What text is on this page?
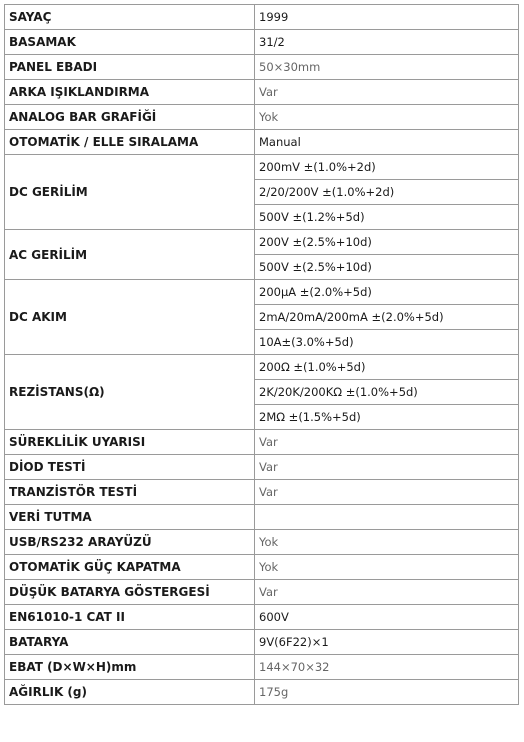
SAYAÇ	1999
BASAMAK	31/2
PANEL EBADI	50×30mm
ARKA IŞIKLANDIRMA	Var
ANALOG BAR GRAFİĞİ	Yok
OTOMATİK / ELLE SIRALAMA	Manual
DC GERİLİM	200mV ±(1.0%+2d)
	2/20/200V ±(1.0%+2d)
	500V ±(1.2%+5d)
AC GERİLİM	200V ±(2.5%+10d)
	500V ±(2.5%+10d)
DC AKIM	200μA ±(2.0%+5d)
	2mA/20mA/200mA ±(2.0%+5d)
	10A±(3.0%+5d)
REZİSTANS(Ω)	200Ω ±(1.0%+5d)
	2K/20K/200KΩ ±(1.0%+5d)
	2MΩ ±(1.5%+5d)
SÜREKLİLİK UYARISI	Var
DİOD TESTİ	Var
TRANZİSTÖR TESTİ	Var
VERİ TUTMA	
USB/RS232 ARAYÜZÜ	Yok
OTOMATİK GÜÇ KAPATMA	Yok
DÜŞÜK BATARYA GÖSTERGESİ	Var
EN61010-1 CAT II	600V
BATARYA	9V(6F22)×1
EBAT (D×W×H)mm	144×70×32
AĞIRLIK (g)	175g
